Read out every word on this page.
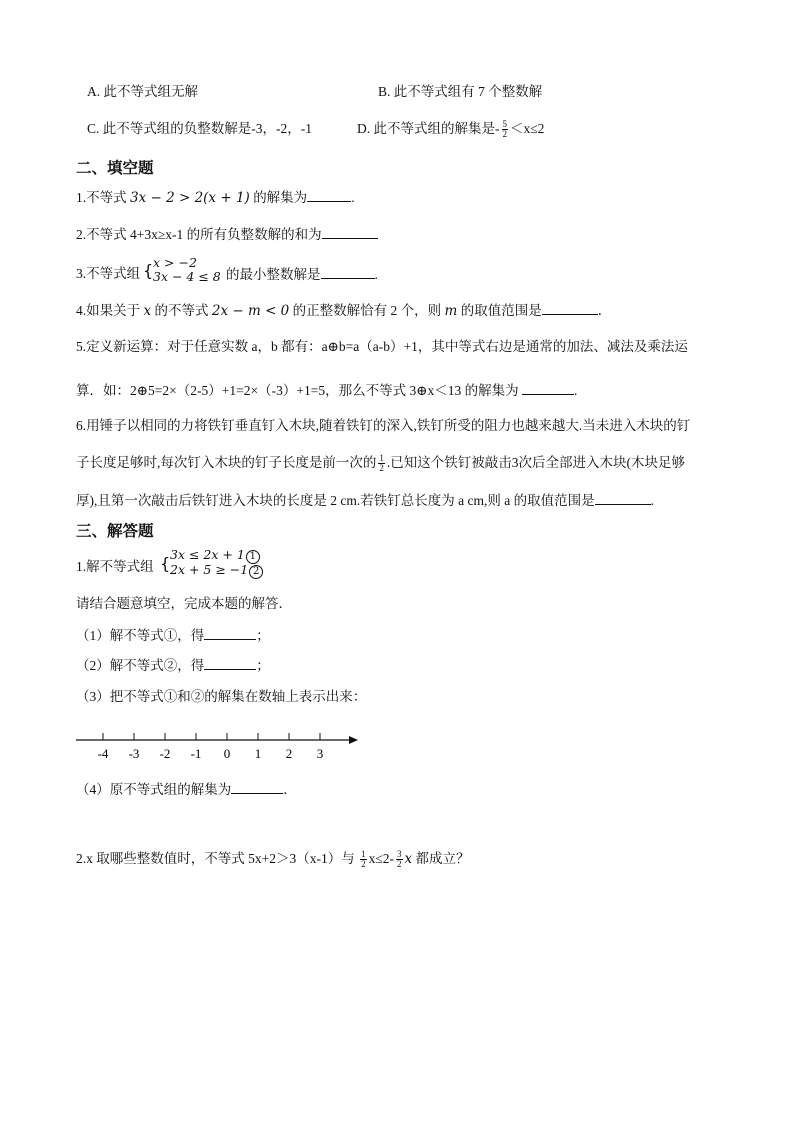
A. 此不等式组无解	B. 此不等式组有 7 个整数解
C. 此不等式组的负整数解是-3，-2，-1	D. 此不等式组的解集是- $\frac{5}{2} <x\le 2$
二、填空题
1.不等式 3x − 2 > 2(x + 1) 的解集为	.
2.不等式 4+3x≥x-1 的所有负整数解的和为
3.不等式组 { x > −2
3x − 4 ≤ 8 的最小整数解是	.
4.如果关于 x 的不等式 2x − m < 0 的正整数解恰有 2 个，则 m 的取值范围是	．
5.定义新运算：对于任意实数 a，b 都有：a⊕b=a（a-b）+1，其中等式右边是通常的加法、减法及乘法运
算．如：2⊕5=2×（2-5）+1=2×（-3）+1=5，那么不等式 3⊕x＜13 的解集为	.
6.用锤子以相同的力将铁钉垂直钉入木块,随着铁钉的深入,铁钉所受的阻力也越来越大.当未进入木块的钉
子长度足够时,每次钉入木块的钉子长度是前一次的 $\frac{1}{2}$ .已知这个铁钉被敲击3次后全部进入木块(木块足够
厚),且第一次敲击后铁钉进入木块的长度是 2 cm.若铁钉总长度为 a cm,则 a 的取值范围是	.
三、解答题
1.解不等式组 { 3x ≤ 2x + 1 1
2x + 5 ≥ −1 2
请结合题意填空，完成本题的解答．
（1）解不等式①，得	；
（2）解不等式②，得	；
（3）把不等式①和②的解集在数轴上表示出来：
-4 -3 -2 -1 0 1 2 3
（4）原不等式组的解集为	．
2.x 取哪些整数值时，不等式 5x+2＞3（x-1）与 $\frac{1}{2} x\le 2- \frac{3}{2}$ x 都成立？
